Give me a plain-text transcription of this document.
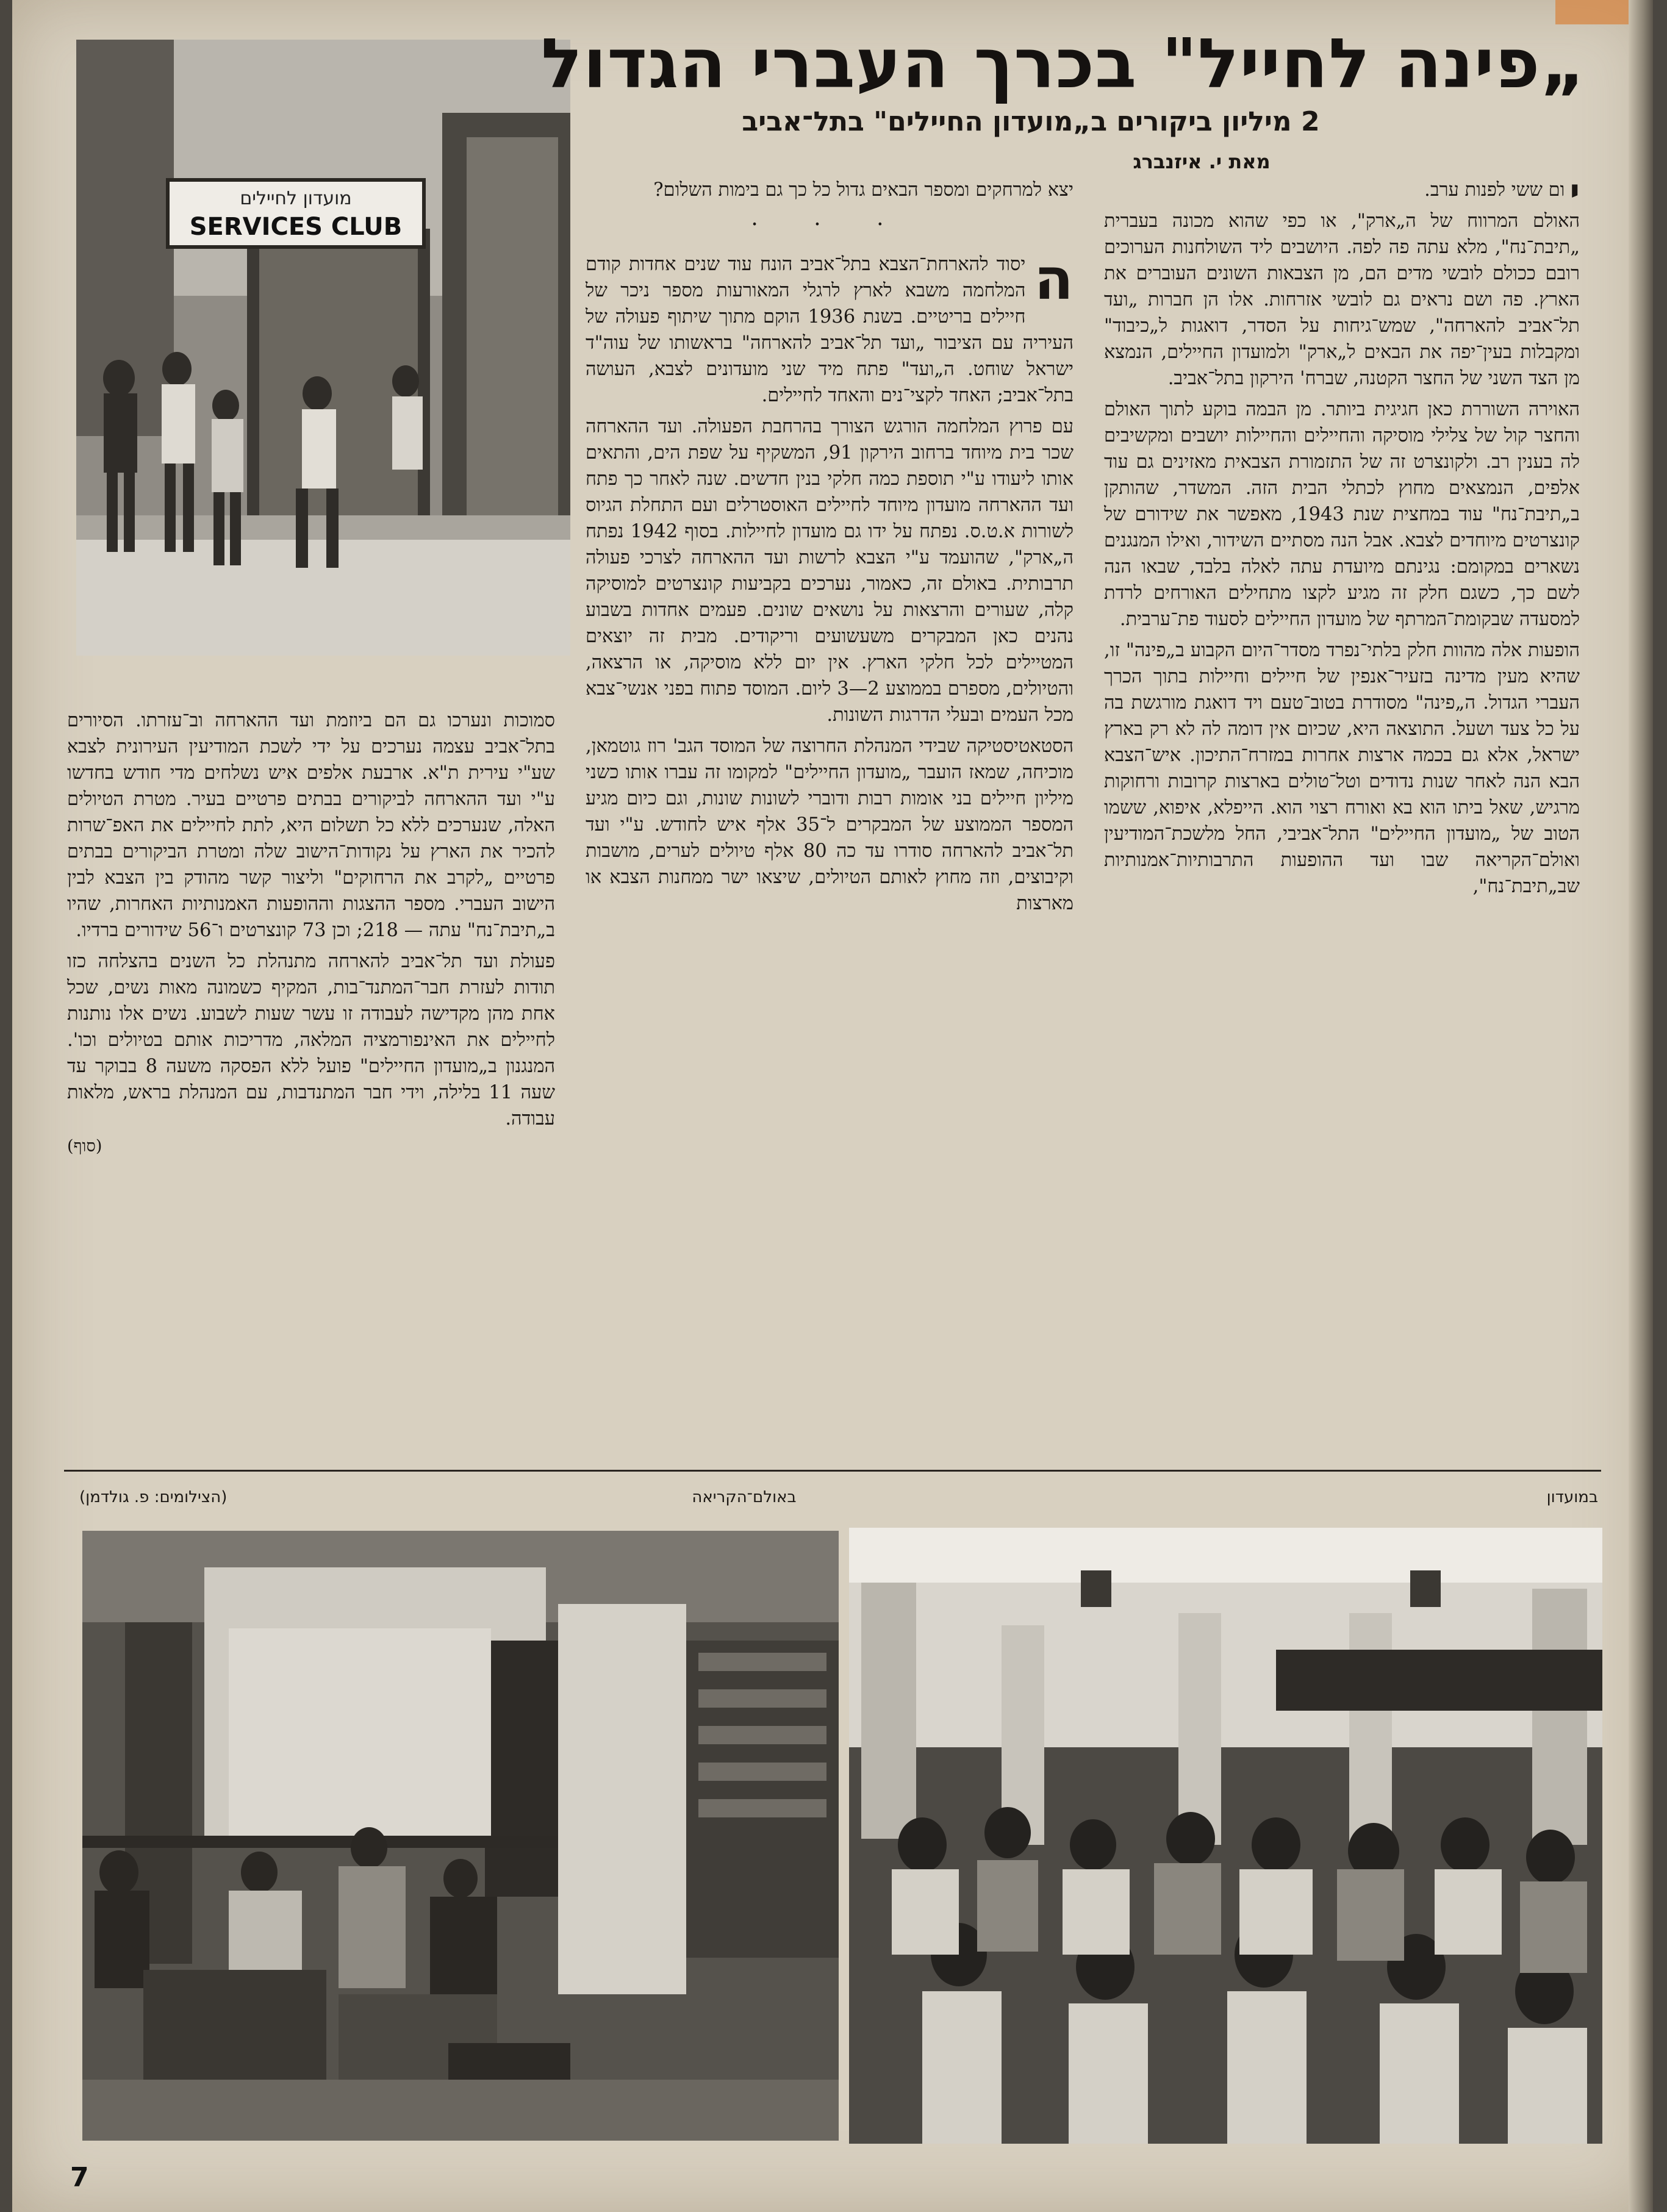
מועדון לחיילים
SERVICES CLUB
„פינה לחייל" בכרך העברי הגדול
2 מיליון ביקורים ב„מועדון החיילים" בתל־אביב
מאת י. איזנברג

י
ום ששי לפנות ערב.

האולם המרווח של ה„ארק", או כפי שהוא מכונה בעברית „תיבת־נח", מלא עתה פה לפה. היושבים ליד השולחנות הערוכים רובם ככולם לובשי מדים הם, מן הצבאות השונים העוברים את הארץ. פה ושם נראים גם לובשי אזרחות. אלו הן חברות „ועד תל־אביב להארחה", שמש־גיחות על הסדר, דואגות ל„כיבוד" ומקבלות בעין־יפה את הבאים ל„ארק" ולמועדון החיילים, הנמצא מן הצד השני של החצר הקטנה, שברח' הירקון בתל־אביב.

האוירה השוררת כאן חגיגית ביותר. מן הבמה בוקע לתוך האולם והחצר קול של צלילי מוסיקה והחיילים והחיילות יושבים ומקשיבים לה בענין רב. ולקונצרט זה של התזמורת הצבאית מאזינים גם עוד אלפים, הנמצאים מחוץ לכתלי הבית הזה. המשדר, שהותקן ב„תיבת־נח" עוד במחצית שנת 1943, מאפשר את שידורם של קונצרטים מיוחדים לצבא. אבל הנה מסתיים השידור, ואילו המנגנים נשארים במקומם: נגינתם מיועדת עתה לאלה בלבד, שבאו הנה לשם כך, כשגם חלק זה מגיע לקצו מתחילים האורחים לרדת למסעדה שבקומת־המרתף של מועדון החיילים לסעוד פת־ערבית.

הופעות אלה מהוות חלק בלתי־נפרד מסדר־היום הקבוע ב„פינה" זו, שהיא מעין מדינה בזעיר־אנפין של חיילים וחיילות בתוך הכרך העברי הגדול. ה„פינה" מסודרת בטוב־טעם ויד דואגת מורגשת בה על כל צעד ושעל. התוצאה היא, שכיום אין דומה לה לא רק בארץ ישראל, אלא גם בכמה ארצות אחרות במזרח־התיכון. איש־הצבא הבא הנה לאחר שנות נדודים וטל־טולים בארצות קרובות ורחוקות מרגיש, שאל ביתו הוא בא ואורח רצוי הוא. הייפלא, איפוא, ששמו הטוב של „מועדון החיילים" התל־אביבי, החל מלשכת־המודיעין ואולם־הקריאה שבו ועד ההופעות התרבותיות־אמנותיות שב„תיבת־נח",

יצא למרחקים ומספר הבאים גדול כל כך גם בימות השלום?

· · ·

ה
יסוד להארחת־הצבא בתל־אביב הונח עוד שנים אחדות קודם המלחמה משבא לארץ לרגלי המאורעות מספר ניכר של חיילים בריטיים. בשנת 1936 הוקם מתוך שיתוף פעולה של העיריה עם הציבור „ועד תל־אביב להארחה" בראשותו של עוה"ד ישראל שוחט. ה„ועד" פתח מיד שני מועדונים לצבא, העושה בתל־אביב; האחד לקצי־נים והאחד לחיילים.

עם פרוץ המלחמה הורגש הצורך בהרחבת הפעולה. ועד ההארחה שכר בית מיוחד ברחוב הירקון 91, המשקיף על שפת הים, והתאים אותו ליעודו ע"י תוספת כמה חלקי בנין חדשים. שנה לאחר כך פתח ועד ההארחה מועדון מיוחד לחיילים האוסטרלים ועם התחלת הגיוס לשורות א.ט.ס. נפתח על ידו גם מועדון לחיילות. בסוף 1942 נפתח ה„ארק", שהועמד ע"י הצבא לרשות ועד ההארחה לצרכי פעולה תרבותית. באולם זה, כאמור, נערכים בקביעות קונצרטים למוסיקה קלה, שעורים והרצאות על נושאים שונים. פעמים אחדות בשבוע נהנים כאן המבקרים משעשועים וריקודים. מבית זה יוצאים המטיילים לכל חלקי הארץ. אין יום ללא מוסיקה, או הרצאה, והטיולים, מספרם בממוצע 2—3 ליום. המוסד פתוח בפני אנשי־צבא מכל העמים ובעלי הדרגות השונות.

הסטאטיסטיקה שבידי המנהלת החרוצה של המוסד הגב' רוז גוטמאן, מוכיחה, שמאז הועבר „מועדון החיילים" למקומו זה עברו אותו כשני מיליון חיילים בני אומות רבות ודוברי לשונות שונות, וגם כיום מגיע המספר הממוצע של המבקרים ל־35 אלף איש לחודש. ע"י ועד תל־אביב להארחה סודרו עד כה 80 אלף טיולים לערים, מושבות וקיבוצים, וזה מחוץ לאותם הטיולים, שיצאו ישר ממחנות הצבא או מארצות

סמוכות ונערכו גם הם ביוזמת ועד ההארחה וב־עזרתו. הסיורים בתל־אביב עצמה נערכים על ידי לשכת המודיעין העירונית לצבא שע"י עירית ת"א. ארבעת אלפים איש נשלחים מדי חודש בחדשו ע"י ועד ההארחה לביקורים בבתים פרטיים בעיר. מטרת הטיולים האלה, שנערכים ללא כל תשלום היא, לתת לחיילים את האפ־שרות להכיר את הארץ על נקודות־הישוב שלה ומטרת הביקורים בבתים פרטיים „לקרב את הרחוקים" וליצור קשר מהודק בין הצבא לבין הישוב העברי. מספר ההצגות וההופעות האמנותיות האחרות, שהיו ב„תיבת־נח" עתה — 218; וכן 73 קונצרטים ו־56 שידורים ברדיו.

פעולת ועד תל־אביב להארחה מתנהלת כל השנים בהצלחה כזו תודות לעזרת חבר־המתנד־בות, המקיף כשמונה מאות נשים, שכל אחת מהן מקדישה לעבודה זו עשר שעות לשבוע. נשים אלו נותנות לחיילים את האינפורמציה המלאה, מדריכות אותם בטיולים וכו'. המנגנון ב„מועדון החיילים" פועל ללא הפסקה משעה 8 בבוקר עד שעה 11 בלילה, וידי חבר המתנדבות, עם המנהלת בראש, מלאות עבודה.

(סוף)
במועדון
באולם־הקריאה
(הצילומים: פ. גולדמן)
7
